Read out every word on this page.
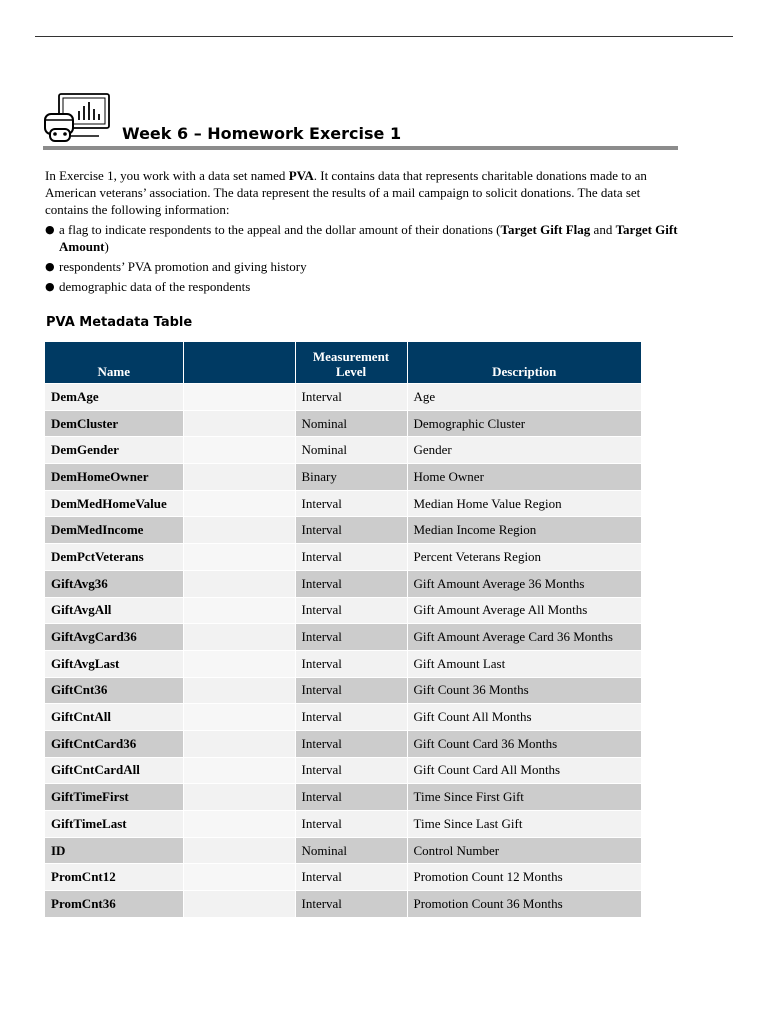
Week 6 – Homework Exercise 1

In Exercise 1, you work with a data set named PVA. It contains data that represents charitable donations made to an American veterans’ association. The data represent the results of a mail campaign to solicit donations. The data set contains the following information:

● a flag to indicate respondents to the appeal and the dollar amount of their donations (Target Gift Flag and Target Gift Amount)
● respondents’ PVA promotion and giving history
● demographic data of the respondents
PVA Metadata Table
Name		Measurement Level	Description
DemAge		Interval	Age
DemCluster		Nominal	Demographic Cluster
DemGender		Nominal	Gender
DemHomeOwner		Binary	Home Owner
DemMedHomeValue		Interval	Median Home Value Region
DemMedIncome		Interval	Median Income Region
DemPctVeterans		Interval	Percent Veterans Region
GiftAvg36		Interval	Gift Amount Average 36 Months
GiftAvgAll		Interval	Gift Amount Average All Months
GiftAvgCard36		Interval	Gift Amount Average Card 36 Months
GiftAvgLast		Interval	Gift Amount Last
GiftCnt36		Interval	Gift Count 36 Months
GiftCntAll		Interval	Gift Count All Months
GiftCntCard36		Interval	Gift Count Card 36 Months
GiftCntCardAll		Interval	Gift Count Card All Months
GiftTimeFirst		Interval	Time Since First Gift
GiftTimeLast		Interval	Time Since Last Gift
ID		Nominal	Control Number
PromCnt12		Interval	Promotion Count 12 Months
PromCnt36		Interval	Promotion Count 36 Months
